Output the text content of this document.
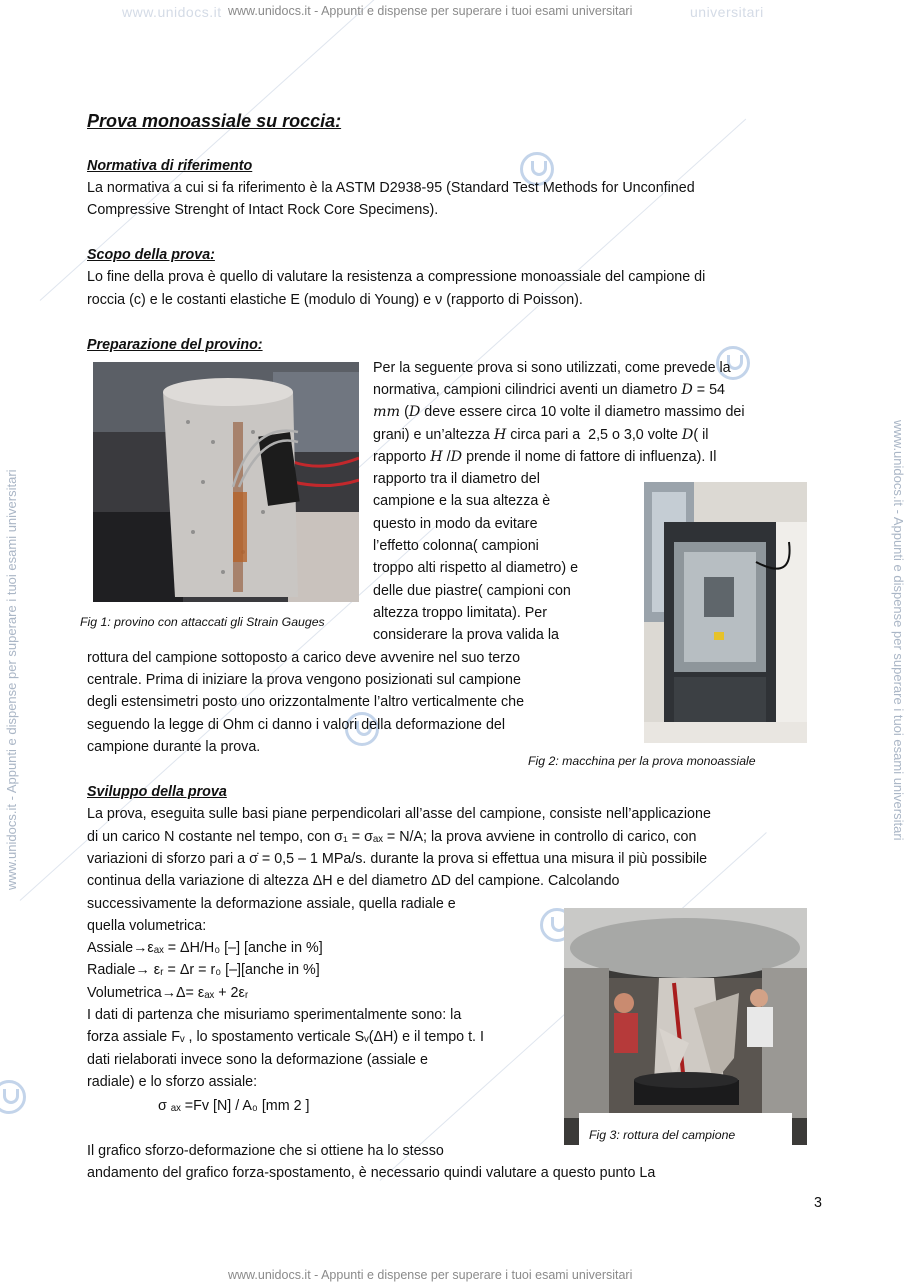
www.unidocs.it	universitari
www.unidocs.it - Appunti e dispense per superare i tuoi esami universitari
www.unidocs.it - Appunti e dispense per superare i tuoi esami universitari
www.unidocs.it - Appunti e dispense per superare i tuoi esami universitari	www.unidocs.it - Appunti e dispense per superare i tuoi esami universitari
Prova monoassiale su roccia:
Normativa di riferimento
La normativa a cui si fa riferimento è la ASTM D2938-95 (Standard Test Methods for Unconfined
Compressive Strenght of Intact Rock Core Specimens).
Scopo della prova:
Lo fine della prova è quello di valutare la resistenza a compressione monoassiale del campione di
roccia (c) e le costanti elastiche E (modulo di Young) e ν (rapporto di Poisson).
Preparazione del provino:
Fig 1: provino con attaccati gli Strain Gauges
Per la seguente prova si sono utilizzati, come prevede la
normativa, campioni cilindrici aventi un diametro D = 54
mm (D deve essere circa 10 volte il diametro massimo dei
grani) e un’altezza H circa pari a  2,5 o 3,0 volte D( il
rapporto H /D prende il nome di fattore di influenza). Il
rapporto tra il diametro del
campione e la sua altezza è
questo in modo da evitare
l’effetto colonna( campioni
troppo alti rispetto al diametro) e
delle due piastre( campioni con
altezza troppo limitata). Per
considerare la prova valida la
rottura del campione sottoposto a carico deve avvenire nel suo terzo
centrale. Prima di iniziare la prova vengono posizionati sul campione
degli estensimetri posto uno orizzontalmente l’altro verticalmente che
seguendo la legge di Ohm ci danno i valori della deformazione del
campione durante la prova.
Fig 2: macchina per la prova monoassiale
Sviluppo della prova
La prova, eseguita sulle basi piane perpendicolari all’asse del campione, consiste nell’applicazione
di un carico N costante nel tempo, con σ₁ = σₐₓ = N/A; la prova avviene in controllo di carico, con
variazioni di sforzo pari a σ̇ = 0,5 – 1 MPa/s. durante la prova si effettua una misura il più possibile
continua della variazione di altezza ΔH e del diametro ΔD del campione. Calcolando
successivamente la deformazione assiale, quella radiale e
quella volumetrica:
Assiale→εₐₓ = ΔH/H₀ [–] [anche in %]
Radiale→ εᵣ = Δr = r₀ [–][anche in %]
Volumetrica→Δ= εₐₓ + 2εᵣ
I dati di partenza che misuriamo sperimentalmente sono: la
forza assiale Fᵥ , lo spostamento verticale Sᵥ(ΔH) e il tempo t. I
dati rielaborati invece sono la deformazione (assiale e
radiale) e lo sforzo assiale:
σ ₐₓ =Fv [N] / A₀ [mm 2 ]
Fig 3: rottura del campione
Il grafico sforzo-deformazione che si ottiene ha lo stesso
andamento del grafico forza-spostamento, è necessario quindi valutare a questo punto La
3
